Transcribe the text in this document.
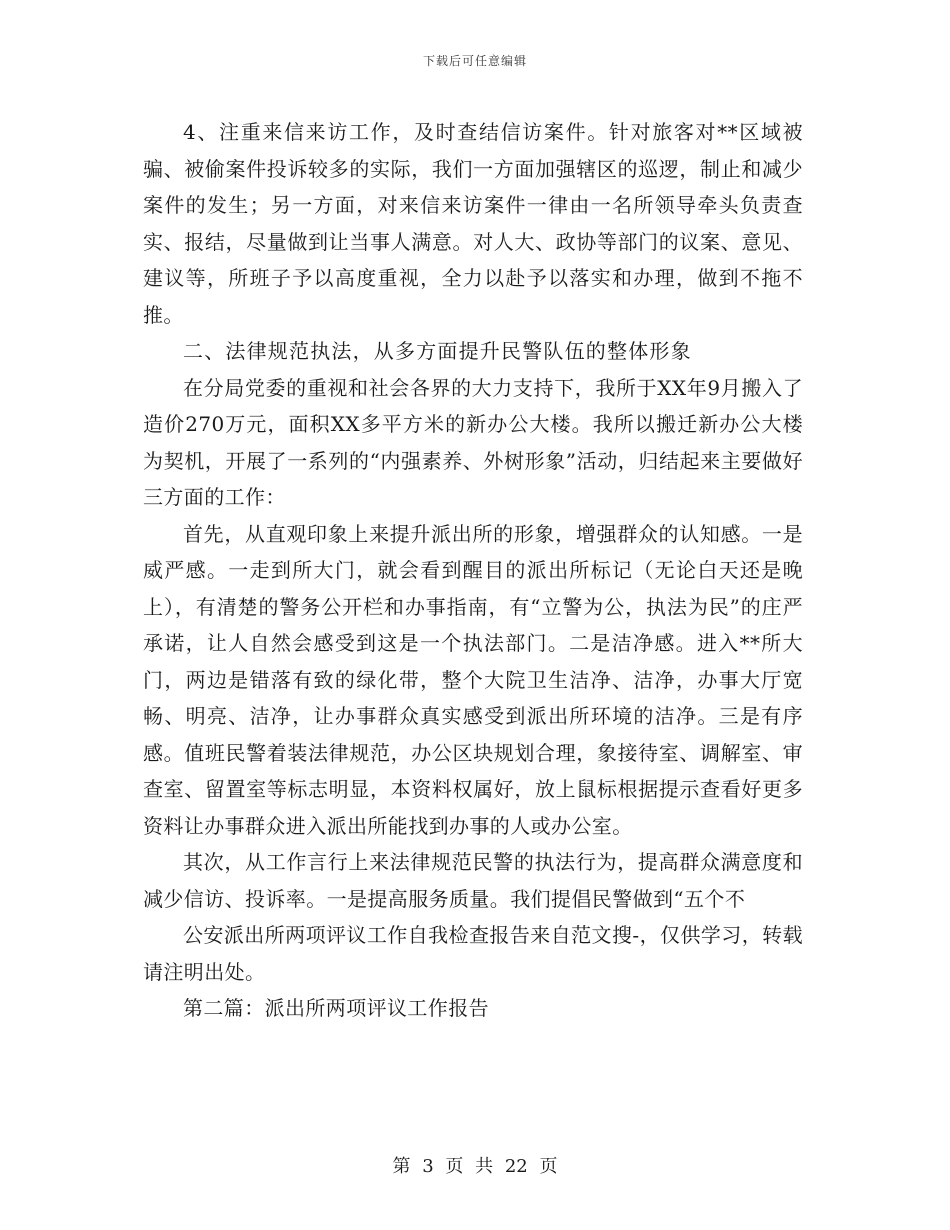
下载后可任意编辑

4、注重来信来访工作，及时查结信访案件。针对旅客对**区域被骗、被偷案件投诉较多的实际，我们一方面加强辖区的巡逻，制止和减少案件的发生；另一方面，对来信来访案件一律由一名所领导牵头负责查实、报结，尽量做到让当事人满意。对人大、政协等部门的议案、意见、建议等，所班子予以高度重视，全力以赴予以落实和办理，做到不拖不推。

二、法律规范执法，从多方面提升民警队伍的整体形象

在分局党委的重视和社会各界的大力支持下，我所于XX年9月搬入了造价270万元，面积XX多平方米的新办公大楼。我所以搬迁新办公大楼为契机，开展了一系列的“内强素养、外树形象”活动，归结起来主要做好三方面的工作：

首先，从直观印象上来提升派出所的形象，增强群众的认知感。一是威严感。一走到所大门，就会看到醒目的派出所标记（无论白天还是晚上），有清楚的警务公开栏和办事指南，有“立警为公，执法为民”的庄严承诺，让人自然会感受到这是一个执法部门。二是洁净感。进入**所大门，两边是错落有致的绿化带，整个大院卫生洁净、洁净，办事大厅宽畅、明亮、洁净，让办事群众真实感受到派出所环境的洁净。三是有序感。值班民警着装法律规范，办公区块规划合理，象接待室、调解室、审查室、留置室等标志明显，本资料权属好，放上鼠标根据提示查看好更多资料让办事群众进入派出所能找到办事的人或办公室。

其次，从工作言行上来法律规范民警的执法行为，提高群众满意度和减少信访、投诉率。一是提高服务质量。我们提倡民警做到“五个不

公安派出所两项评议工作自我检查报告来自范文搜-，仅供学习，转载请注明出处。

第二篇：派出所两项评议工作报告

第 3 页 共 22 页
